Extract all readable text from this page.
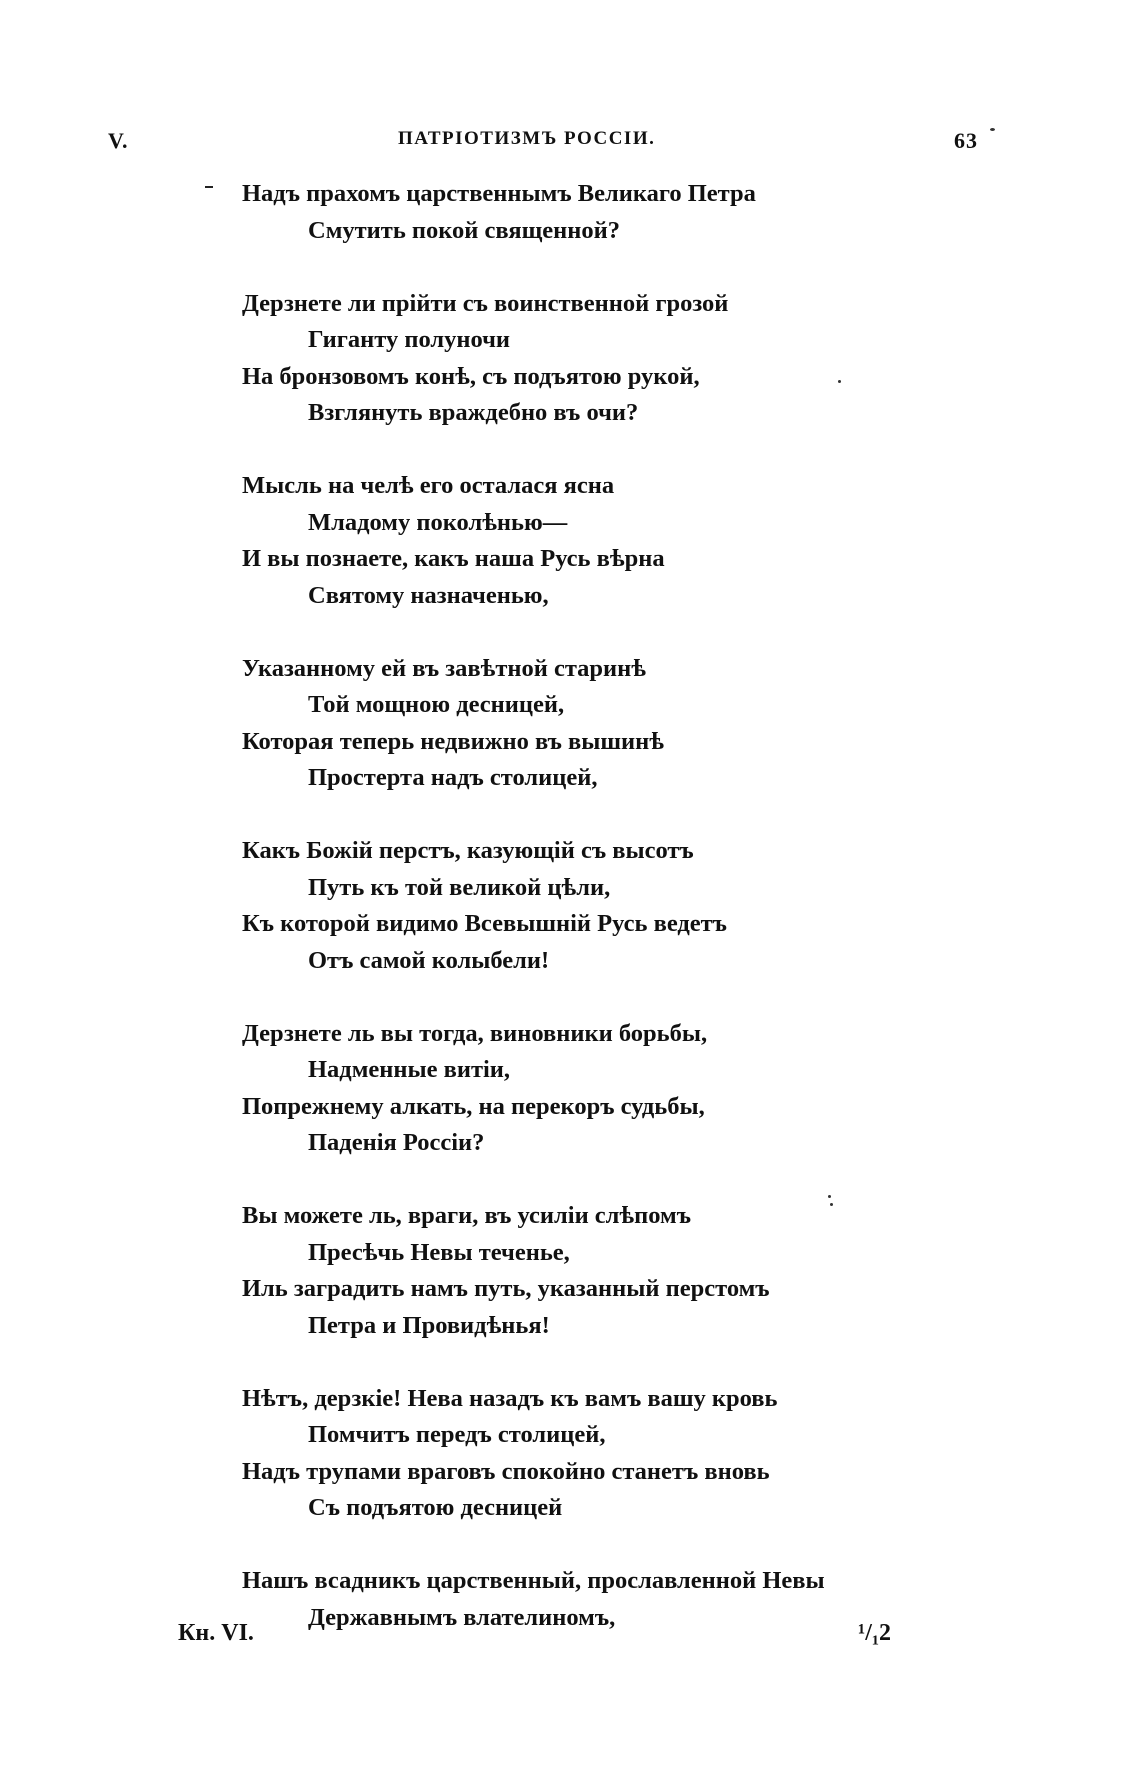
V.	ПАТРІОТИЗМЪ РОССІИ.	63
Надъ прахомъ царственнымъ Великаго Петра
Смутить покой священной?
Дерзнете ли прійти съ воинственной грозой
Гиганту полуночи
На бронзовомъ конѣ, съ подъятою рукой,
Взглянуть враждебно въ очи?
Мысль на челѣ его осталася ясна
Младому поколѣнью—
И вы познаете, какъ наша Русь вѣрна
Святому назначенью,
Указанному ей въ завѣтной старинѣ
Той мощною десницей,
Которая теперь недвижно въ вышинѣ
Простерта надъ столицей,
Какъ Божій перстъ, казующій съ высотъ
Путь къ той великой цѣли,
Къ которой видимо Всевышній Русь ведетъ
Отъ самой колыбели!
Дерзнете ль вы тогда, виновники борьбы,
Надменные витіи,
Попрежнему алкать, на перекоръ судьбы,
Паденія Россіи?
Вы можете ль, враги, въ усиліи слѣпомъ
Пресѣчь Невы теченье,
Иль заградить намъ путь, указанный перстомъ
Петра и Провидѣнья!
Нѣтъ, дерзкіе! Нева назадъ къ вамъ вашу кровь
Помчитъ передъ столицей,
Надъ трупами враговъ спокойно станетъ вновь
Съ подъятою десницей
Нашъ всадникъ царственный, прославленной Невы
Державнымъ влателиномъ,
Кн. VI.	¹/₁2
